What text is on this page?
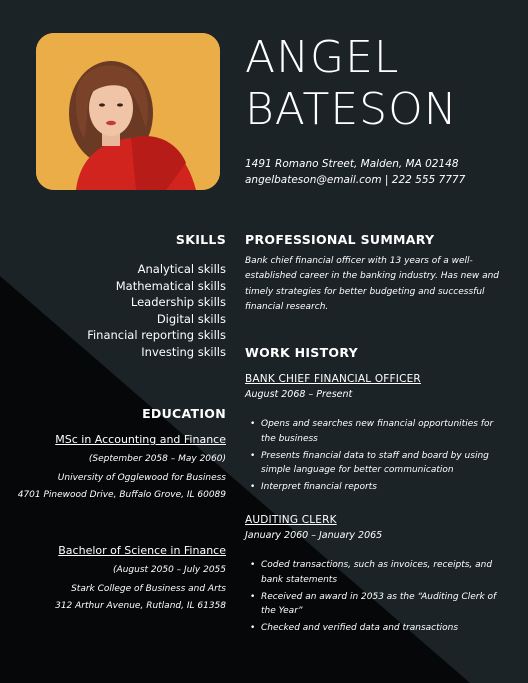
ANGEL
BATESON
1491 Romano Street, Malden, MA 02148
angelbateson@email.com | 222 555 7777
SKILLS
Analytical skills
Mathematical skills
Leadership skills
Digital skills
Financial reporting skills
Investing skills
EDUCATION
MSc in Accounting and Finance
(September 2058 – May 2060)
University of Ogglewood for Business
4701 Pinewood Drive, Buffalo Grove, IL 60089
Bachelor of Science in Finance
(August 2050 – July 2055
Stark College of Business and Arts
312 Arthur Avenue, Rutland, IL 61358
PROFESSIONAL SUMMARY
Bank chief financial officer with 13 years of a well-established career in the banking industry. Has new and timely strategies for better budgeting and successful financial research.
WORK HISTORY
BANK CHIEF FINANCIAL OFFICER
August 2068 – Present
• Opens and searches new financial opportunities for the business
• Presents financial data to staff and board by using simple language for better communication
• Interpret financial reports
AUDITING CLERK
January 2060 – January 2065
• Coded transactions, such as invoices, receipts, and bank statements
• Received an award in 2053 as the “Auditing Clerk of the Year”
• Checked and verified data and transactions
